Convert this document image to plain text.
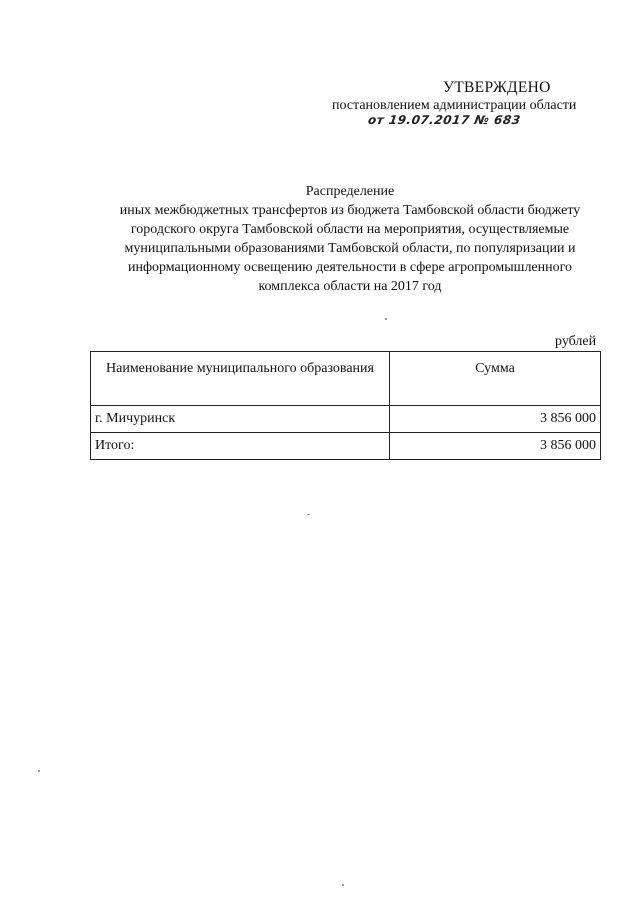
УТВЕРЖДЕНО
постановлением администрации области
от 19.07.2017 № 683
Распределение
иных межбюджетных трансфертов из бюджета Тамбовской области бюджету
городского округа Тамбовской области на мероприятия, осуществляемые
муниципальными образованиями Тамбовской области, по популяризации и
информационному освещению деятельности в сфере агропромышленного
комплекса области на 2017 год
рублей
Наименование муниципального образования	Сумма
г. Мичуринск	3 856 000
Итого:	3 856 000
